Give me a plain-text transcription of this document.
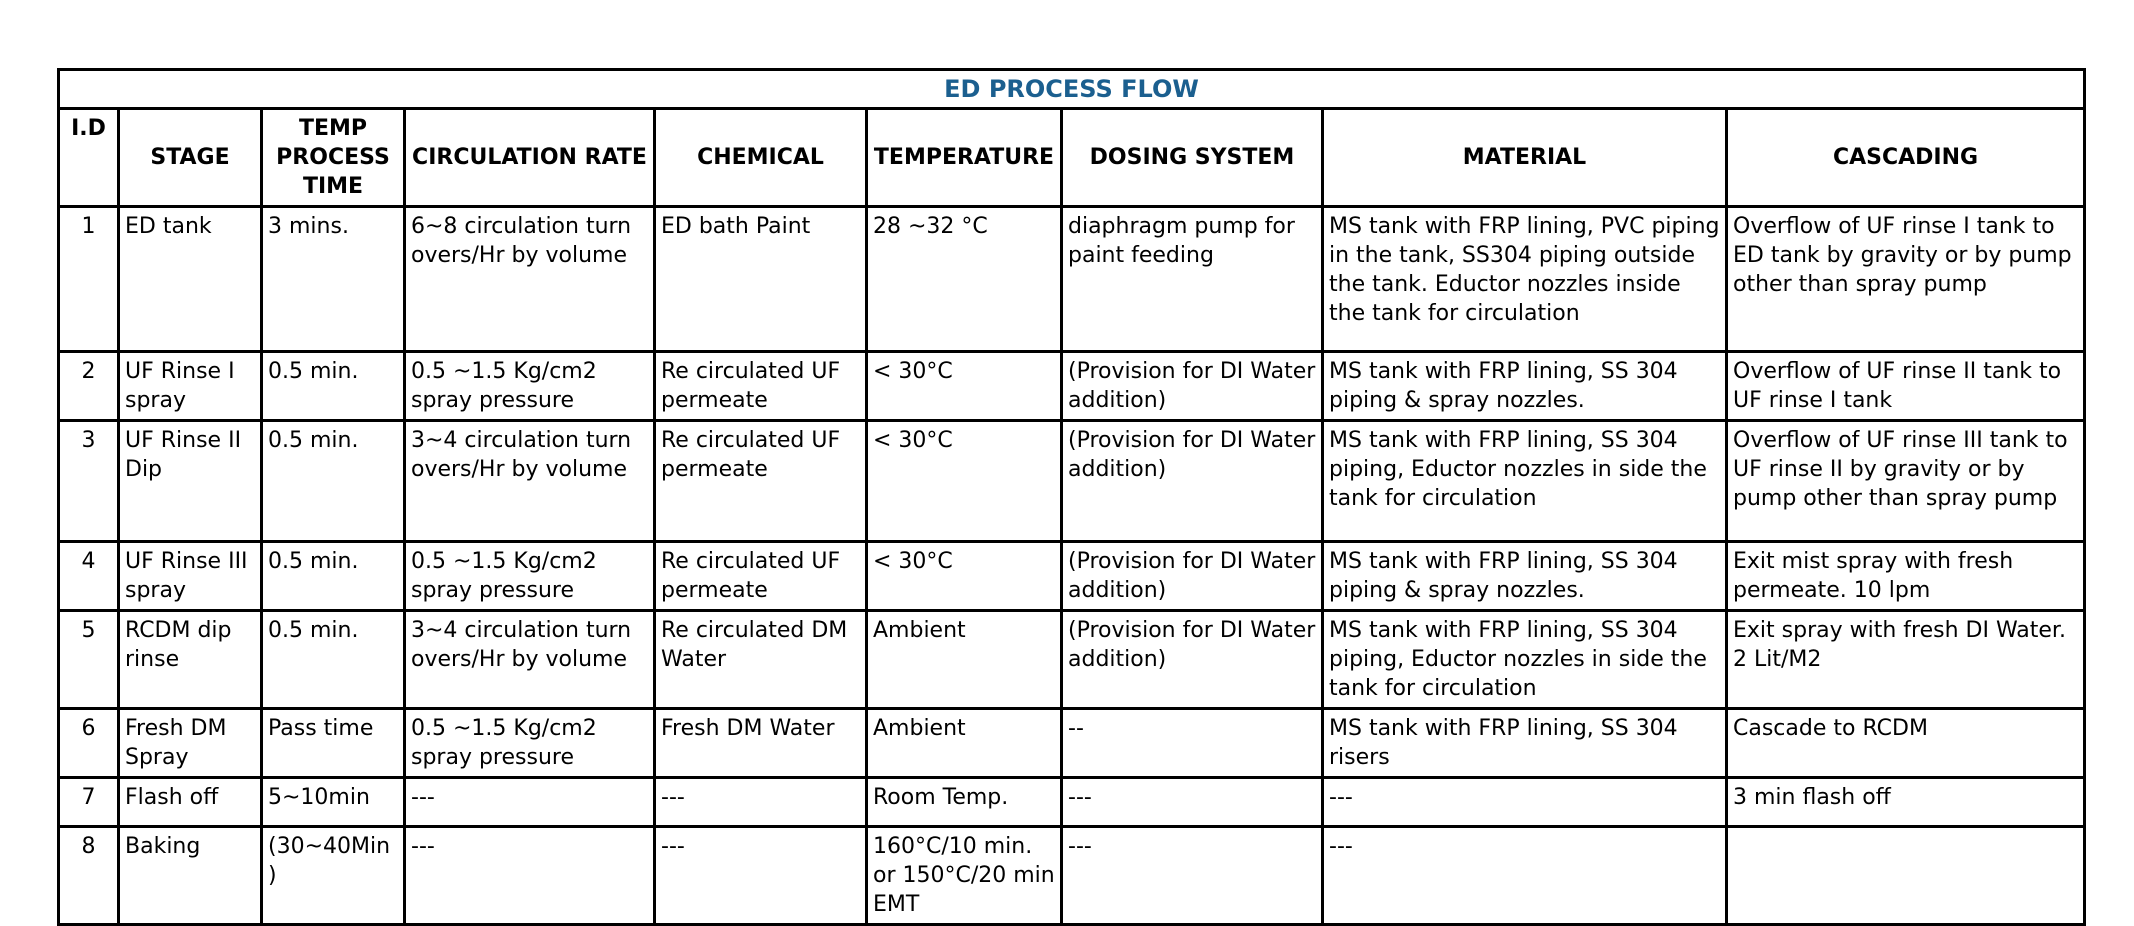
ED PROCESS FLOW								
I.D	STAGE	TEMP PROCESS TIME	CIRCULATION RATE	CHEMICAL	TEMPERATURE	DOSING SYSTEM	MATERIAL	CASCADING
1	ED tank	3 mins.	6~8 circulation turn overs/Hr by volume	ED bath Paint	28 ~32 °C	diaphragm pump for paint feeding	MS tank with FRP lining, PVC piping in the tank, SS304 piping outside the tank. Eductor nozzles inside the tank for circulation	Overflow of UF rinse I tank to ED tank by gravity or by pump other than spray pump
2	UF Rinse I spray	0.5 min.	0.5 ~1.5 Kg/cm2 spray pressure	Re circulated UF permeate	< 30°C	(Provision for DI Water addition)	MS tank with FRP lining, SS 304 piping & spray nozzles.	Overflow of UF rinse II tank to UF rinse I tank
3	UF Rinse II Dip	0.5 min.	3~4 circulation turn overs/Hr by volume	Re circulated UF permeate	< 30°C	(Provision for DI Water addition)	MS tank with FRP lining, SS 304 piping, Eductor nozzles in side the tank for circulation	Overflow of UF rinse III tank to UF rinse II by gravity or by pump other than spray pump
4	UF Rinse III spray	0.5 min.	0.5 ~1.5 Kg/cm2 spray pressure	Re circulated UF permeate	< 30°C	(Provision for DI Water addition)	MS tank with FRP lining, SS 304 piping & spray nozzles.	Exit mist spray with fresh permeate. 10 lpm
5	RCDM dip rinse	0.5 min.	3~4 circulation turn overs/Hr by volume	Re circulated DM Water	Ambient	(Provision for DI Water addition)	MS tank with FRP lining, SS 304 piping, Eductor nozzles in side the tank for circulation	Exit spray with fresh DI Water. 2 Lit/M2
6	Fresh DM Spray	Pass time	0.5 ~1.5 Kg/cm2 spray pressure	Fresh DM Water	Ambient	--	MS tank with FRP lining, SS 304 risers	Cascade to RCDM
7	Flash off	5~10min	---	---	Room Temp.	---	---	3 min flash off
8	Baking	(30~40Min )	---	---	160°C/10 min. or 150°C/20 min EMT	---	---	
